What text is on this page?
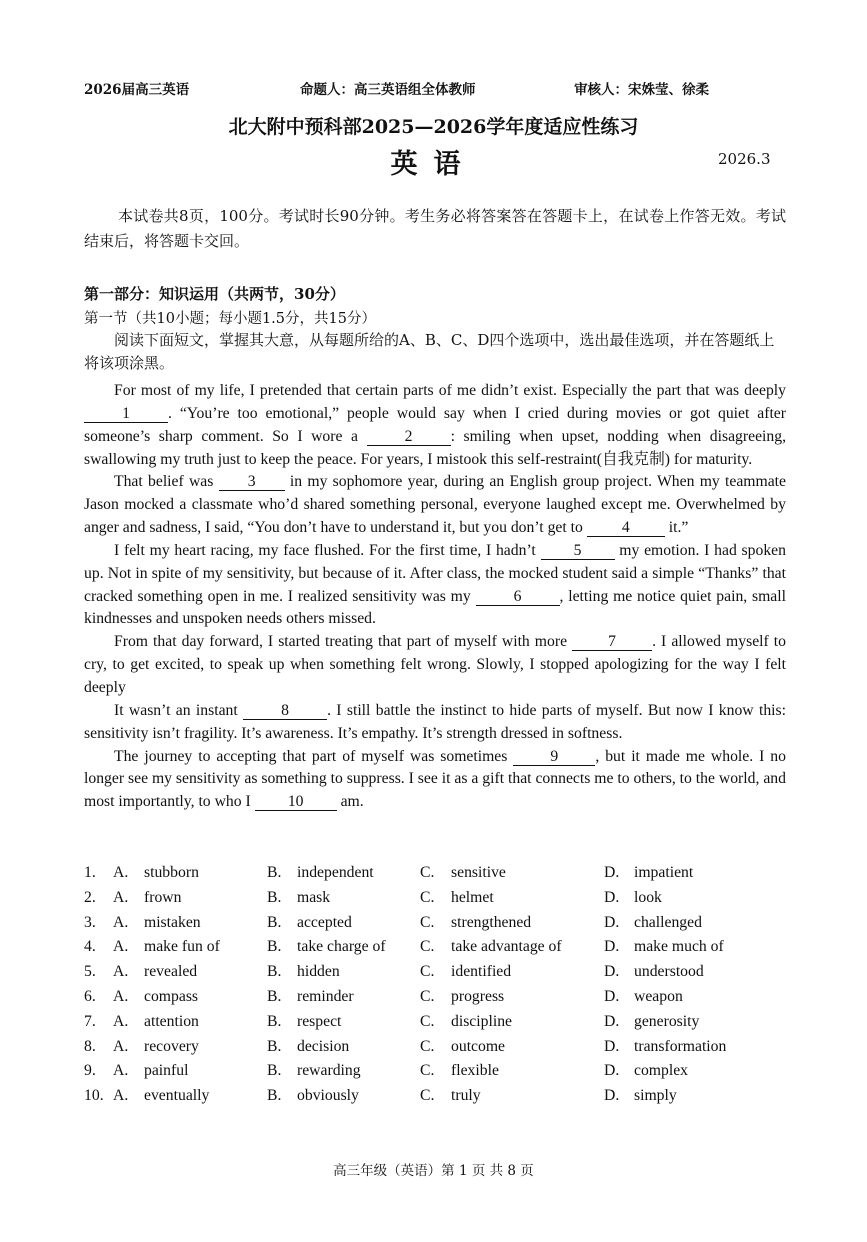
2026届高三英语	命题人：高三英语组全体教师	审核人：宋姝莹、徐柔
北大附中预科部2025—2026学年度适应性练习
英语	2026.3
本试卷共8页，100分。考试时长90分钟。考生务必将答案答在答题卡上，在试卷上作答无效。考试结束后，将答题卡交回。
第一部分：知识运用（共两节，30分）
第一节（共10小题；每小题1.5分，共15分）
阅读下面短文，掌握其大意，从每题所给的A、B、C、D四个选项中，选出最佳选项，并在答题纸上将该项涂黑。

For most of my life, I pretended that certain parts of me didn’t exist. Especially the part that was deeply 1 . “You’re too emotional,” people would say when I cried during movies or got quiet after someone’s sharp comment. So I wore a 2 : smiling when upset, nodding when disagreeing, swallowing my truth just to keep the peace. For years, I mistook this self-restraint(自我克制) for maturity.

That belief was 3 in my sophomore year, during an English group project. When my teammate Jason mocked a classmate who’d shared something personal, everyone laughed except me. Overwhelmed by anger and sadness, I said, “You don’t have to understand it, but you don’t get to 4 it.”

I felt my heart racing, my face flushed. For the first time, I hadn’t 5 my emotion. I had spoken up. Not in spite of my sensitivity, but because of it. After class, the mocked student said a simple “Thanks” that cracked something open in me. I realized sensitivity was my 6 , letting me notice quiet pain, small kindnesses and unspoken needs others missed.

From that day forward, I started treating that part of myself with more 7 . I allowed myself to cry, to get excited, to speak up when something felt wrong. Slowly, I stopped apologizing for the way I felt deeply

It wasn’t an instant 8 . I still battle the instinct to hide parts of myself. But now I know this: sensitivity isn’t fragility. It’s awareness. It’s empathy. It’s strength dressed in softness.

The journey to accepting that part of myself was sometimes 9 , but it made me whole. I no longer see my sensitivity as something to suppress. I see it as a gift that connects me to others, to the world, and most importantly, to who I 10 am.

1. A. stubborn	B. independent	C. sensitive	D. impatient
2. A. frown	B. mask	C. helmet	D. look
3. A. mistaken	B. accepted	C. strengthened	D. challenged
4. A. make fun of	B. take charge of C. take advantage of	D. make much of
5. A. revealed	B. hidden	C. identified	D. understood
6. A. compass	B. reminder	C. progress	D. weapon
7. A. attention	B. respect	C. discipline	D. generosity
8. A. recovery	B. decision	C. outcome	D. transformation
9. A. painful	B. rewarding	C. flexible	D. complex
10. A. eventually	B. obviously	C. truly	D. simply
高三年级（英语）第 1 页 共 8 页
